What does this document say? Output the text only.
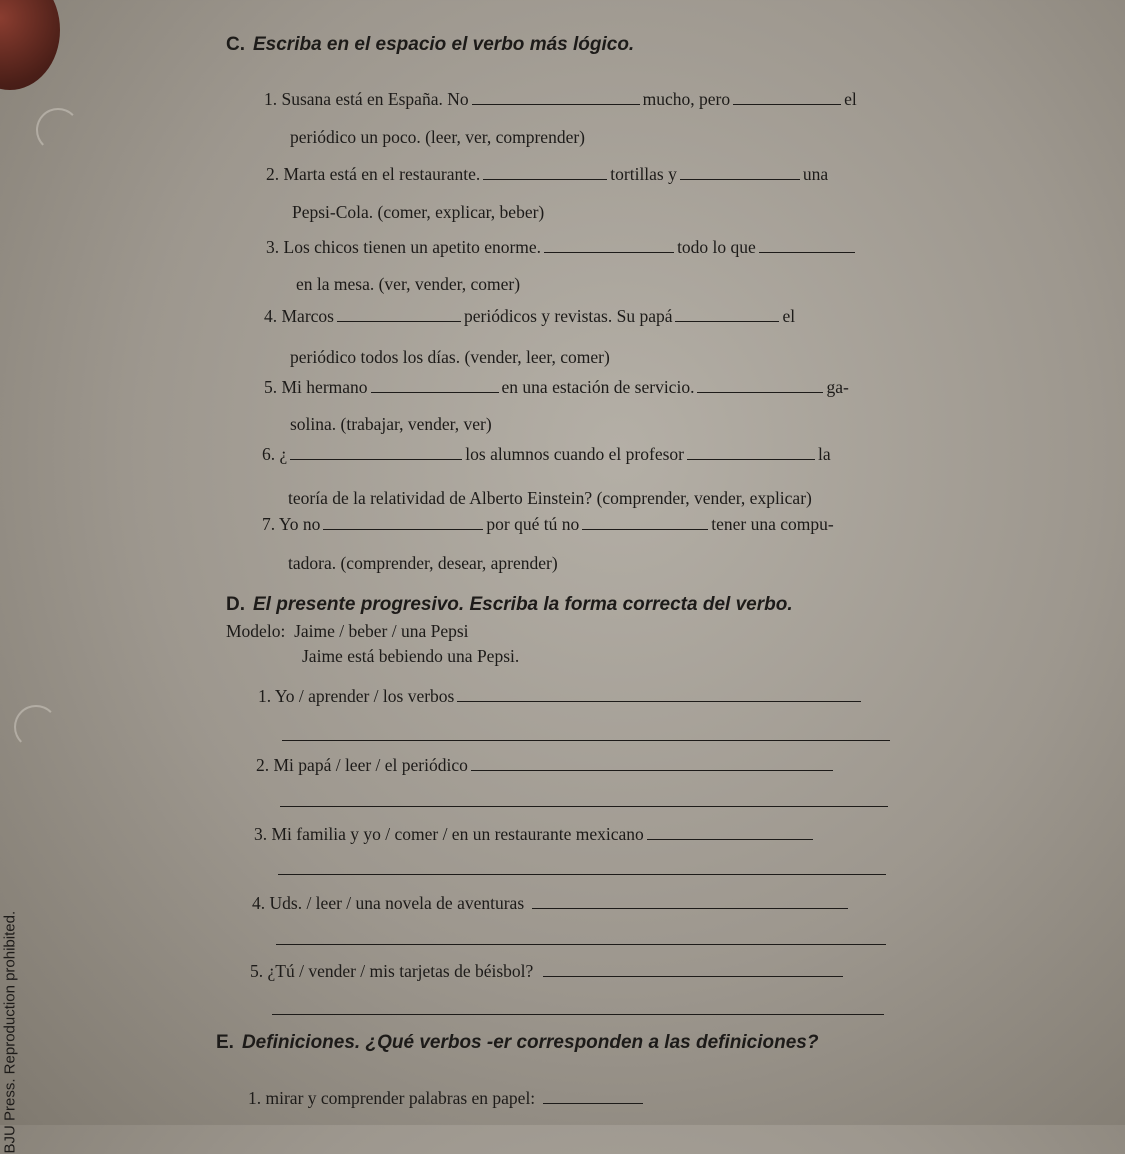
C. Escriba en el espacio el verbo más lógico.
1. Susana está en España. No	mucho, pero	el
periódico un poco. (leer, ver, comprender)
2. Marta está en el restaurante.	tortillas y	una
Pepsi-Cola. (comer, explicar, beber)
3. Los chicos tienen un apetito enorme.	todo lo que
en la mesa. (ver, vender, comer)
4. Marcos	periódicos y revistas. Su papá	el
periódico todos los días. (vender, leer, comer)
5. Mi hermano	en una estación de servicio.	ga-
solina. (trabajar, vender, ver)
6. ¿	los alumnos cuando el profesor	la
teoría de la relatividad de Alberto Einstein? (comprender, vender, explicar)
7. Yo no	por qué tú no	tener una compu-
tadora. (comprender, desear, aprender)
D. El presente progresivo. Escriba la forma correcta del verbo.
Modelo: Jaime / beber / una Pepsi
Jaime está bebiendo una Pepsi.
1. Yo / aprender / los verbos
2. Mi papá / leer / el periódico
3. Mi familia y yo / comer / en un restaurante mexicano
4. Uds. / leer / una novela de aventuras
5. ¿Tú / vender / mis tarjetas de béisbol?
E. Definiciones. ¿Qué verbos -er corresponden a las definiciones?
1. mirar y comprender palabras en papel:
BJU Press. Reproduction prohibited.
